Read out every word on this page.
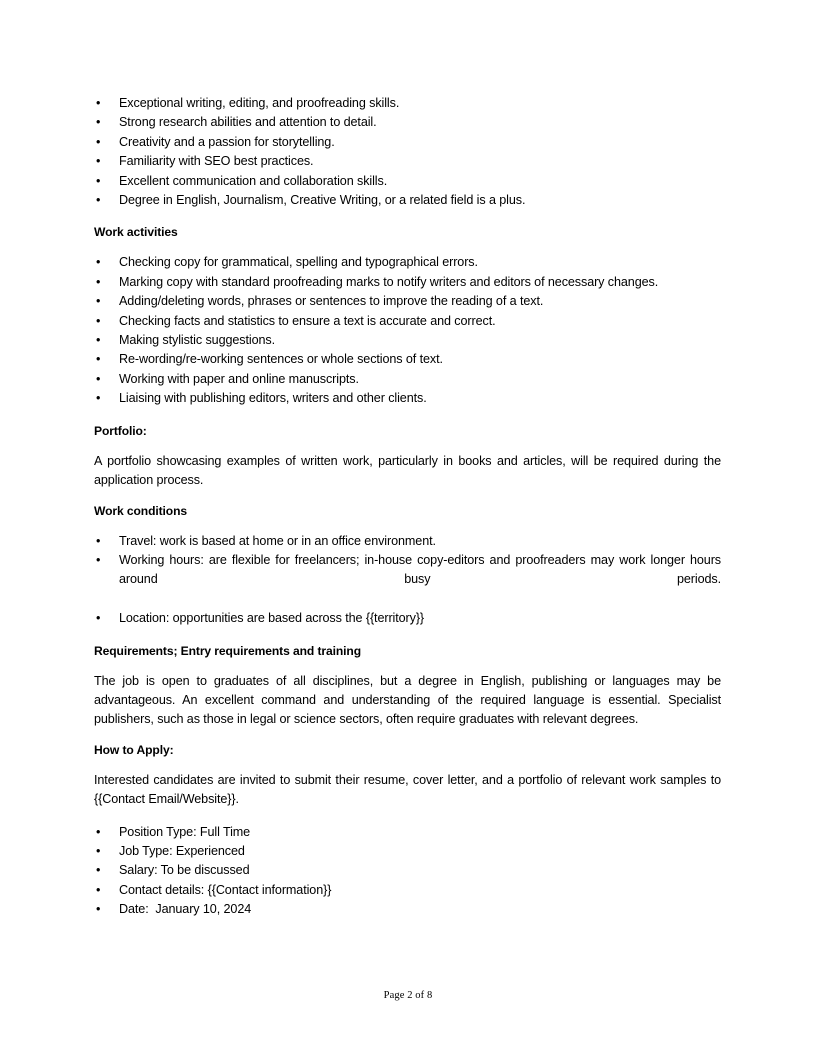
• Exceptional writing, editing, and proofreading skills.
• Strong research abilities and attention to detail.
• Creativity and a passion for storytelling.
• Familiarity with SEO best practices.
• Excellent communication and collaboration skills.
• Degree in English, Journalism, Creative Writing, or a related field is a plus.

Work activities

• Checking copy for grammatical, spelling and typographical errors.
• Marking copy with standard proofreading marks to notify writers and editors of necessary changes.
• Adding/deleting words, phrases or sentences to improve the reading of a text.
• Checking facts and statistics to ensure a text is accurate and correct.
• Making stylistic suggestions.
• Re-wording/re-working sentences or whole sections of text.
• Working with paper and online manuscripts.
• Liaising with publishing editors, writers and other clients.

Portfolio:

A portfolio showcasing examples of written work, particularly in books and articles, will be required during the application process.

Work conditions

• Travel: work is based at home or in an office environment.
• Working hours: are flexible for freelancers; in-house copy-editors and proofreaders may work longer hours around busy periods.
• Location: opportunities are based across the {{territory}}

Requirements; Entry requirements and training

The job is open to graduates of all disciplines, but a degree in English, publishing or languages may be advantageous. An excellent command and understanding of the required language is essential. Specialist publishers, such as those in legal or science sectors, often require graduates with relevant degrees.

How to Apply:

Interested candidates are invited to submit their resume, cover letter, and a portfolio of relevant work samples to {{Contact Email/Website}}.

• Position Type: Full Time
• Job Type: Experienced
• Salary: To be discussed
• Contact details: {{Contact information}}
• Date:  January 10, 2024
Page 2 of 8
